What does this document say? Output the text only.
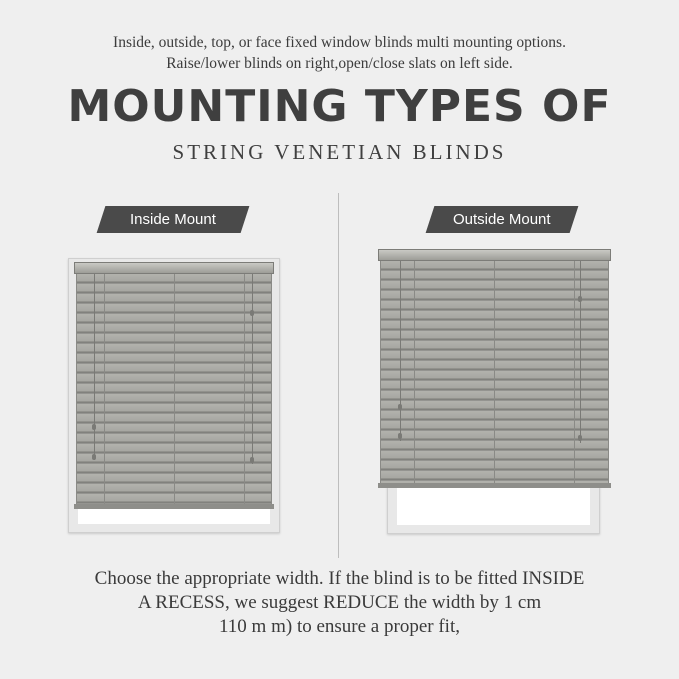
Inside, outside, top, or face fixed window blinds multi mounting options.
Raise/lower blinds on right,open/close slats on left side.
MOUNTING TYPES OF
STRING VENETIAN BLINDS
Inside Mount	Outside Mount
Choose the appropriate width. If the blind is to be fitted INSIDE
A RECESS, we suggest REDUCE the width by 1 cm
110 m m) to ensure a proper fit,
